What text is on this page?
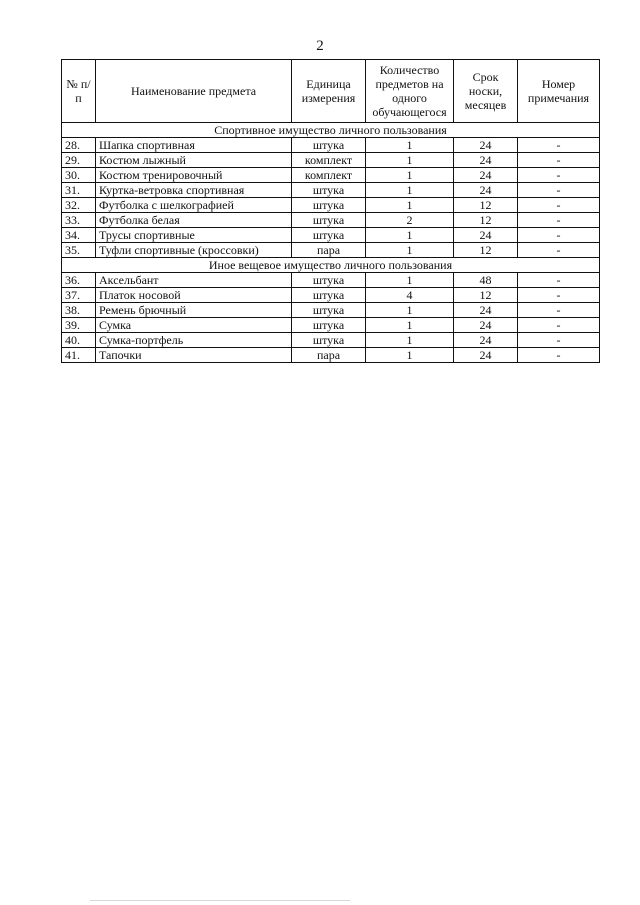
2
№ п/п	Наименование предмета	Единица измерения	Количество предметов на одного обучающегося	Срок носки, месяцев	Номер примечания
Спортивное имущество личного пользования					
28.	Шапка спортивная	штука	1	24	-
29.	Костюм лыжный	комплект	1	24	-
30.	Костюм тренировочный	комплект	1	24	-
31.	Куртка-ветровка спортивная	штука	1	24	-
32.	Футболка с шелкографией	штука	1	12	-
33.	Футболка белая	штука	2	12	-
34.	Трусы спортивные	штука	1	24	-
35.	Туфли спортивные (кроссовки)	пара	1	12	-
Иное вещевое имущество личного пользования					
36.	Аксельбант	штука	1	48	-
37.	Платок носовой	штука	4	12	-
38.	Ремень брючный	штука	1	24	-
39.	Сумка	штука	1	24	-
40.	Сумка-портфель	штука	1	24	-
41.	Тапочки	пара	1	24	-
